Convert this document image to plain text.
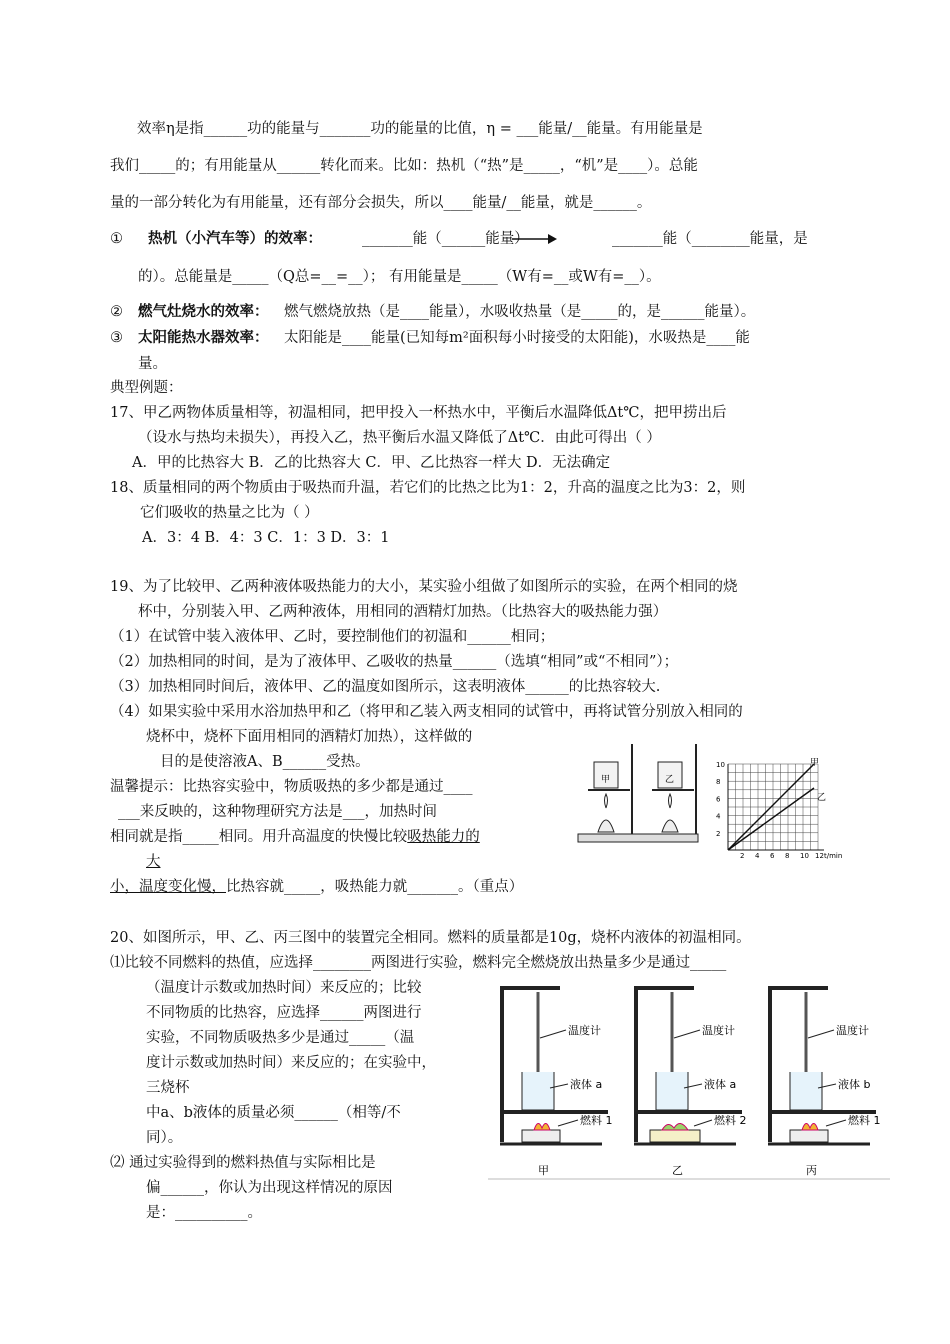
效率η是指______功的能量与_______功的能量的比值，η = ___能量/__能量。有用能量是
我们_____的；有用能量从______转化而来。比如：热机（“热”是_____，“机”是____）。总能
量的一部分转化为有用能量，还有部分会损失，所以____能量/__能量，就是______。
① 热机（小汽车等）的效率：	_______能（______能量）	_______能（________能量，是
的）。总能量是_____（Q总=__=__）； 有用能量是_____（W有=__或W有=__）。
② 燃气灶烧水的效率： 燃气燃烧放热（是____能量），水吸收热量（是_____的，是______能量）。
③ 太阳能热水器效率： 太阳能是____能量(已知每m²面积每小时接受的太阳能)，水吸热是____能
量。
典型例题：
17、甲乙两物体质量相等，初温相同，把甲投入一杯热水中，平衡后水温降低Δt℃，把甲捞出后
（设水与热均未损失），再投入乙，热平衡后水温又降低了Δt℃．由此可得出（ ）
A．甲的比热容大 B．乙的比热容大 C．甲、乙比热容一样大 D．无法确定
18、质量相同的两个物质由于吸热而升温，若它们的比热之比为1：2，升高的温度之比为3：2，则
它们吸收的热量之比为（ ）
A．3：4 B．4：3 C．1：3 D．3：1
19、为了比较甲、乙两种液体吸热能力的大小，某实验小组做了如图所示的实验，在两个相同的烧
杯中，分别装入甲、乙两种液体，用相同的酒精灯加热。（比热容大的吸热能力强）
（1）在试管中装入液体甲、乙时，要控制他们的初温和______相同；
（2）加热相同的时间，是为了液体甲、乙吸收的热量______（选填“相同”或“不相同”）；
（3）加热相同时间后，液体甲、乙的温度如图所示，这表明液体______的比热容较大.
（4）如果实验中采用水浴加热甲和乙（将甲和乙装入两支相同的试管中，再将试管分别放入相同的
烧杯中，烧杯下面用相同的酒精灯加热），这样做的
目的是使溶液A、B______受热。
温馨提示：比热容实验中，物质吸热的多少都是通过____
___来反映的，这种物理研究方法是___，加热时间
相同就是指_____相同。用升高温度的快慢比较吸热能力的
大
小，温度变化慢，比热容就_____，吸热能力就_______。（重点）
甲	乙
甲
乙
10
8
6
4
2
2 4 6 8 10 12 t/min
20、如图所示，甲、乙、丙三图中的装置完全相同。燃料的质量都是10g，烧杯内液体的初温相同。
⑴比较不同燃料的热值，应选择________两图进行实验，燃料完全燃烧放出热量多少是通过_____
（温度计示数或加热时间）来反应的；比较
不同物质的比热容，应选择______两图进行
实验，不同物质吸热多少是通过_____（温
度计示数或加热时间）来反应的；在实验中，
三烧杯
中a、b液体的质量必须______（相等/不
同）。
⑵ 通过实验得到的燃料热值与实际相比是
偏______，你认为出现这样情况的原因
是：__________。
温度计
液体 a
燃料 1
甲
温度计
液体 a
燃料 2
乙
温度计
液体 b
燃料 1
丙
